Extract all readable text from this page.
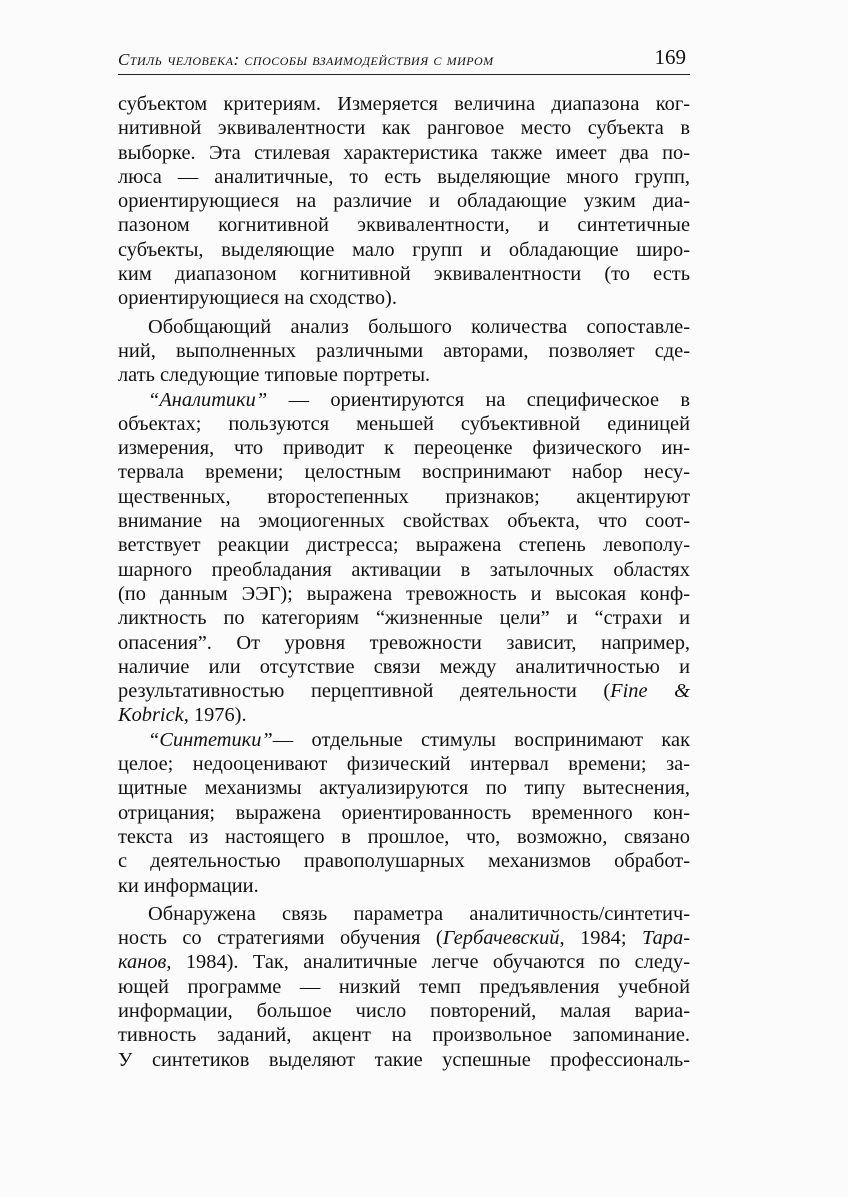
Стиль человека: способы взаимодействия с миром	169
субъектом критериям. Измеряется величина диапазона ког-
нитивной эквивалентности как ранговое место субъекта в
выборке. Эта стилевая характеристика также имеет два по-
люса — аналитичные, то есть выделяющие много групп,
ориентирующиеся на различие и обладающие узким диа-
пазоном когнитивной эквивалентности, и синтетичные
субъекты, выделяющие мало групп и обладающие широ-
ким диапазоном когнитивной эквивалентности (то есть
ориентирующиеся на сходство).
Обобщающий анализ большого количества сопоставле-
ний, выполненных различными авторами, позволяет сде-
лать следующие типовые портреты.
“Аналитики” — ориентируются на специфическое в
объектах; пользуются меньшей субъективной единицей
измерения, что приводит к переоценке физического ин-
тервала времени; целостным воспринимают набор несу-
щественных, второстепенных признаков; акцентируют
внимание на эмоциогенных свойствах объекта, что соот-
ветствует реакции дистресса; выражена степень левополу-
шарного преобладания активации в затылочных областях
(по данным ЭЭГ); выражена тревожность и высокая конф-
ликтность по категориям “жизненные цели” и “страхи и
опасения”. От уровня тревожности зависит, например,
наличие или отсутствие связи между аналитичностью и
результативностью перцептивной деятельности (Fine &
Kobrick, 1976).
“Синтетики”— отдельные стимулы воспринимают как
целое; недооценивают физический интервал времени; за-
щитные механизмы актуализируются по типу вытеснения,
отрицания; выражена ориентированность временного кон-
текста из настоящего в прошлое, что, возможно, связано
с деятельностью правополушарных механизмов обработ-
ки информации.
Обнаружена связь параметра аналитичность/синтетич-
ность со стратегиями обучения (Гербачевский, 1984; Тара-
канов, 1984). Так, аналитичные легче обучаются по следу-
ющей программе — низкий темп предъявления учебной
информации, большое число повторений, малая вариа-
тивность заданий, акцент на произвольное запоминание.
У синтетиков выделяют такие успешные профессиональ-
